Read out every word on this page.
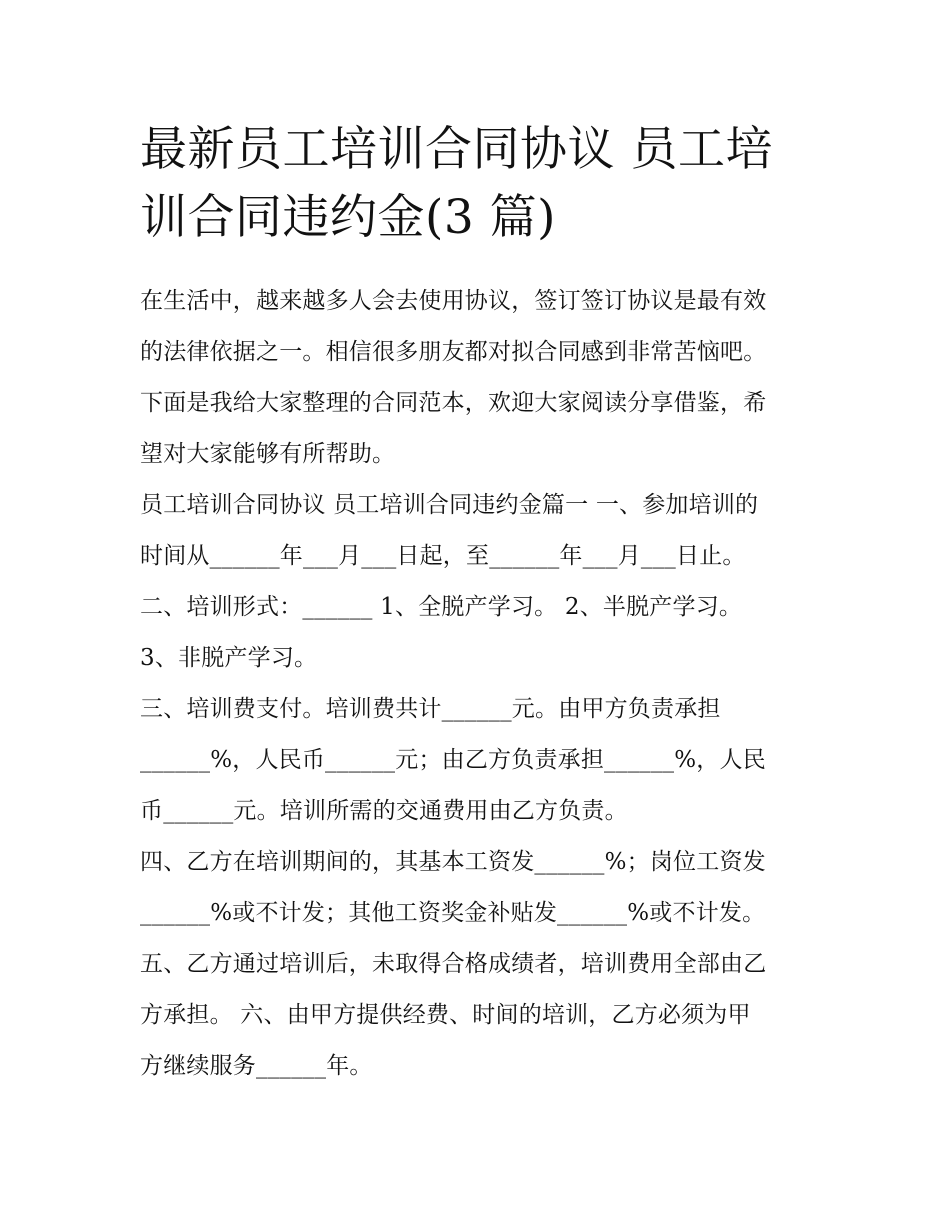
最新员工培训合同协议 员工培
训合同违约金(3 篇)

在生活中，越来越多人会去使用协议，签订签订协议是最有效
的法律依据之一。相信很多朋友都对拟合同感到非常苦恼吧。
下面是我给大家整理的合同范本，欢迎大家阅读分享借鉴，希
望对大家能够有所帮助。

员工培训合同协议 员工培训合同违约金篇一 一、参加培训的
时间从______年___月___日起，至______年___月___日止。

二、培训形式：______ 1、全脱产学习。 2、半脱产学习。
3、非脱产学习。

三、培训费支付。培训费共计______元。由甲方负责承担
______%，人民币______元；由乙方负责承担______%，人民
币______元。培训所需的交通费用由乙方负责。

四、乙方在培训期间的，其基本工资发______%；岗位工资发
______%或不计发；其他工资奖金补贴发______%或不计发。

五、乙方通过培训后，未取得合格成绩者，培训费用全部由乙
方承担。 六、由甲方提供经费、时间的培训，乙方必须为甲
方继续服务______年。
